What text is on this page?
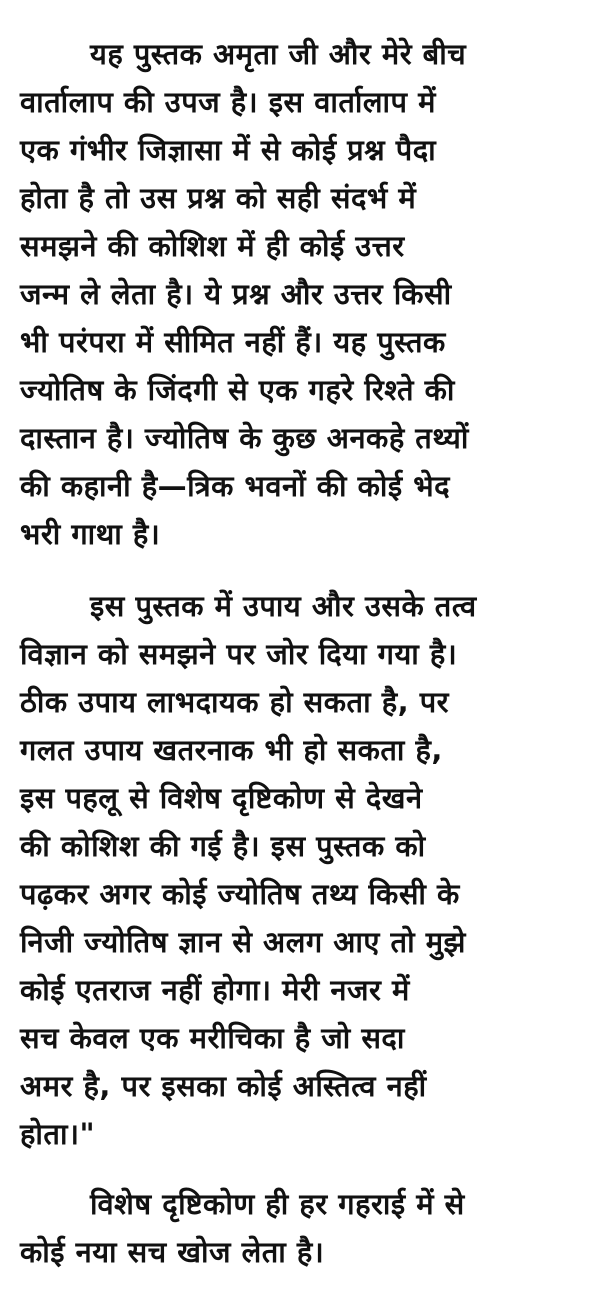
यह पुस्तक अमृता जी और मेरे बीच
वार्तालाप की उपज है। इस वार्तालाप में
एक गंभीर जिज्ञासा में से कोई प्रश्न पैदा
होता है तो उस प्रश्न को सही संदर्भ में
समझने की कोशिश में ही कोई उत्तर
जन्म ले लेता है। ये प्रश्न और उत्तर किसी
भी परंपरा में सीमित नहीं हैं। यह पुस्तक
ज्योतिष के जिंदगी से एक गहरे रिश्ते की
दास्तान है। ज्योतिष के कुछ अनकहे तथ्यों
की कहानी है—त्रिक भवनों की कोई भेद
भरी गाथा है।
इस पुस्तक में उपाय और उसके तत्व
विज्ञान को समझने पर जोर दिया गया है।
ठीक उपाय लाभदायक हो सकता है, पर
गलत उपाय खतरनाक भी हो सकता है,
इस पहलू से विशेष दृष्टिकोण से देखने
की कोशिश की गई है। इस पुस्तक को
पढ़कर अगर कोई ज्योतिष तथ्य किसी के
निजी ज्योतिष ज्ञान से अलग आए तो मुझे
कोई एतराज नहीं होगा। मेरी नजर में
सच केवल एक मरीचिका है जो सदा
अमर है, पर इसका कोई अस्तित्व नहीं
होता।"
विशेष दृष्टिकोण ही हर गहराई में से
कोई नया सच खोज लेता है।
